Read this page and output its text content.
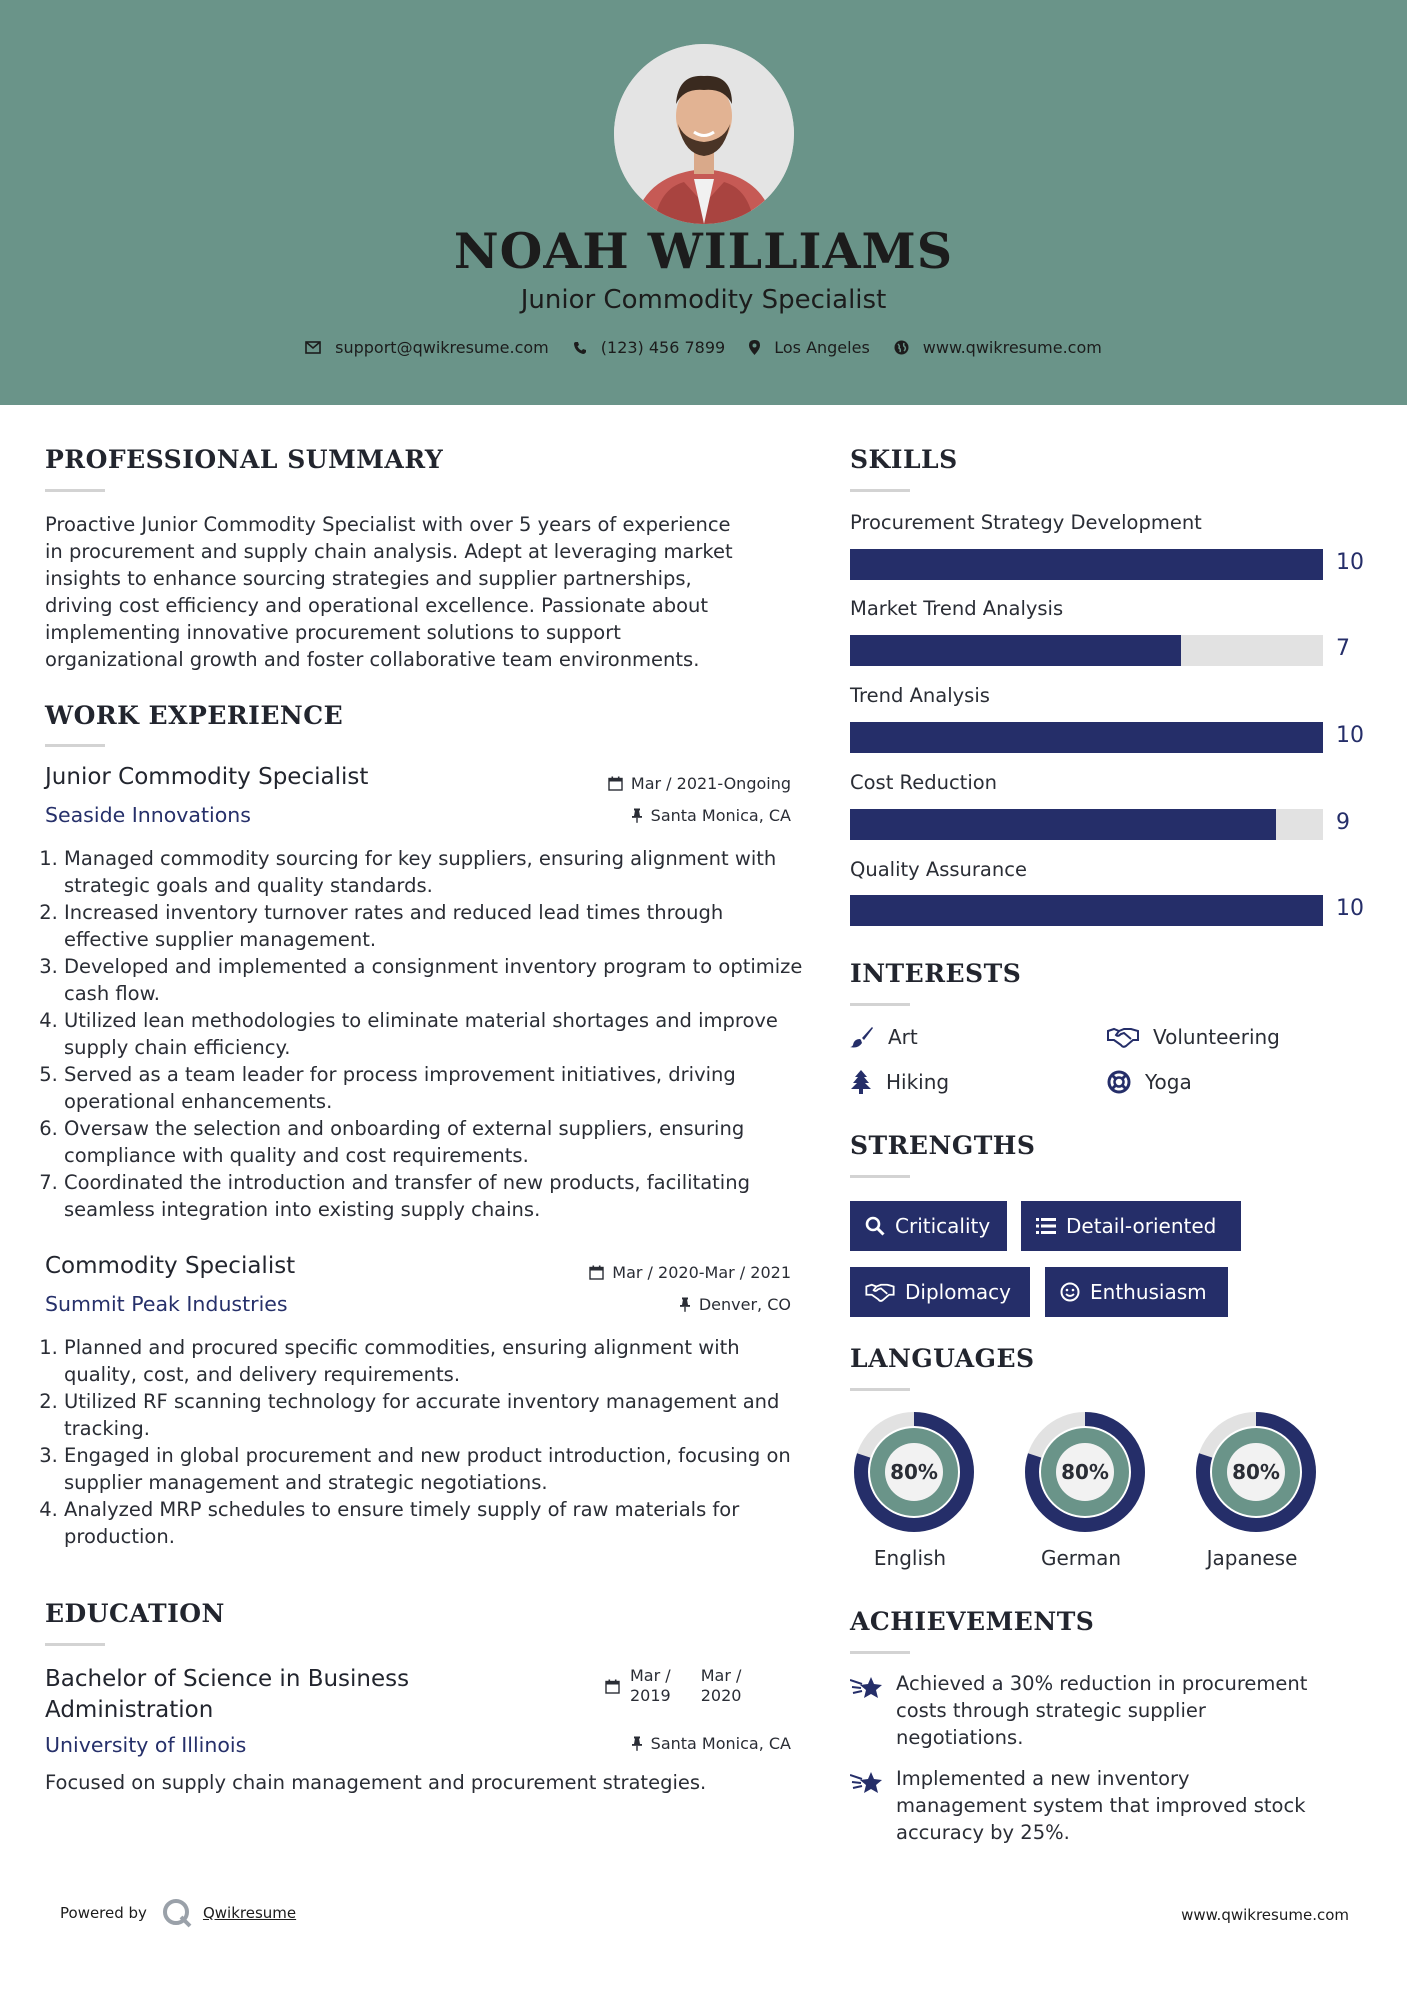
NOAH WILLIAMS
Junior Commodity Specialist
support@qwikresume.com	(123) 456 7899	Los Angeles	www.qwikresume.com
PROFESSIONAL SUMMARY
Proactive Junior Commodity Specialist with over 5 years of experience
in procurement and supply chain analysis. Adept at leveraging market
insights to enhance sourcing strategies and supplier partnerships,
driving cost efficiency and operational excellence. Passionate about
implementing innovative procurement solutions to support
organizational growth and foster collaborative team environments.
WORK EXPERIENCE
Junior Commodity Specialist
Seaside Innovations
Mar / 2021-Ongoing
Santa Monica, CA
1. Managed commodity sourcing for key suppliers, ensuring alignment with strategic goals and quality standards.
2. Increased inventory turnover rates and reduced lead times through effective supplier management.
3. Developed and implemented a consignment inventory program to optimize cash flow.
4. Utilized lean methodologies to eliminate material shortages and improve supply chain efficiency.
5. Served as a team leader for process improvement initiatives, driving operational enhancements.
6. Oversaw the selection and onboarding of external suppliers, ensuring compliance with quality and cost requirements.
7. Coordinated the introduction and transfer of new products, facilitating seamless integration into existing supply chains.
Commodity Specialist
Summit Peak Industries
Mar / 2020-Mar / 2021
Denver, CO
1. Planned and procured specific commodities, ensuring alignment with quality, cost, and delivery requirements.
2. Utilized RF scanning technology for accurate inventory management and tracking.
3. Engaged in global procurement and new product introduction, focusing on supplier management and strategic negotiations.
4. Analyzed MRP schedules to ensure timely supply of raw materials for production.
EDUCATION
Bachelor of Science in Business
Administration
University of Illinois
Mar /
2019
Mar /
2020
Santa Monica, CA
Focused on supply chain management and procurement strategies.
SKILLS
Procurement Strategy Development
10
Market Trend Analysis
7
Trend Analysis
10
Cost Reduction
9
Quality Assurance
10
INTERESTS
Art	Volunteering
Hiking	Yoga
STRENGTHS
Criticality	Detail-oriented
Diplomacy	Enthusiasm
LANGUAGES
80%	80%	80%
English	German	Japanese
ACHIEVEMENTS
Achieved a 30% reduction in procurement
costs through strategic supplier
negotiations.
Implemented a new inventory
management system that improved stock
accuracy by 25%.
Powered by	Qwikresume	www.qwikresume.com
